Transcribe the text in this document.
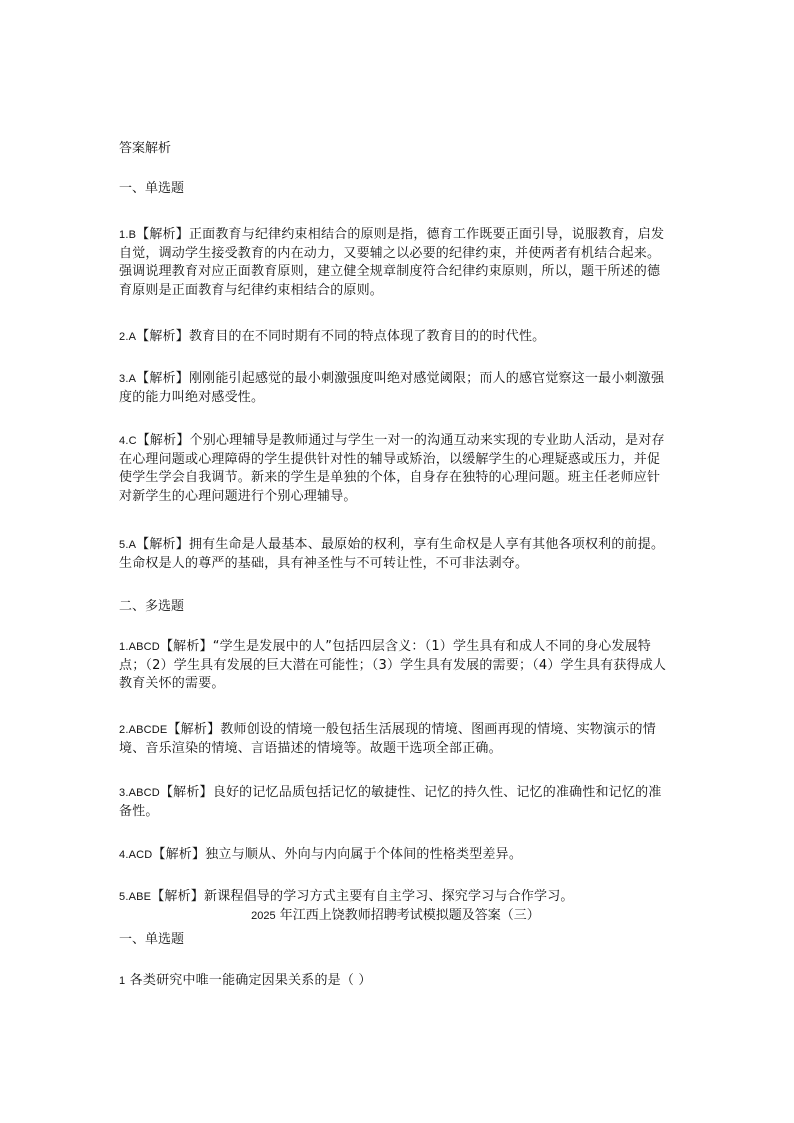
答案解析

一、单选题

1.B【解析】正面教育与纪律约束相结合的原则是指，德育工作既要正面引导，说服教育，启发自觉，调动学生接受教育的内在动力，又要辅之以必要的纪律约束，并使两者有机结合起来。强调说理教育对应正面教育原则，建立健全规章制度符合纪律约束原则，所以，题干所述的德育原则是正面教育与纪律约束相结合的原则。

2.A【解析】教育目的在不同时期有不同的特点体现了教育目的的时代性。

3.A【解析】刚刚能引起感觉的最小刺激强度叫绝对感觉阈限；而人的感官觉察这一最小刺激强度的能力叫绝对感受性。

4.C【解析】个别心理辅导是教师通过与学生一对一的沟通互动来实现的专业助人活动，是对存在心理问题或心理障碍的学生提供针对性的辅导或矫治，以缓解学生的心理疑惑或压力，并促使学生学会自我调节。新来的学生是单独的个体，自身存在独特的心理问题。班主任老师应针对新学生的心理问题进行个别心理辅导。

5.A【解析】拥有生命是人最基本、最原始的权利，享有生命权是人享有其他各项权利的前提。生命权是人的尊严的基础，具有神圣性与不可转让性，不可非法剥夺。

二、多选题

1.ABCD【解析】“学生是发展中的人”包括四层含义：（1）学生具有和成人不同的身心发展特点；（2）学生具有发展的巨大潜在可能性；（3）学生具有发展的需要；（4）学生具有获得成人教育关怀的需要。

2.ABCDE【解析】教师创设的情境一般包括生活展现的情境、图画再现的情境、实物演示的情境、音乐渲染的情境、言语描述的情境等。故题干选项全部正确。

3.ABCD【解析】良好的记忆品质包括记忆的敏捷性、记忆的持久性、记忆的准确性和记忆的准备性。

4.ACD【解析】独立与顺从、外向与内向属于个体间的性格类型差异。

5.ABE【解析】新课程倡导的学习方式主要有自主学习、探究学习与合作学习。

2025 年江西上饶教师招聘考试模拟题及答案（三）

一、单选题

1 各类研究中唯一能确定因果关系的是（ ）
